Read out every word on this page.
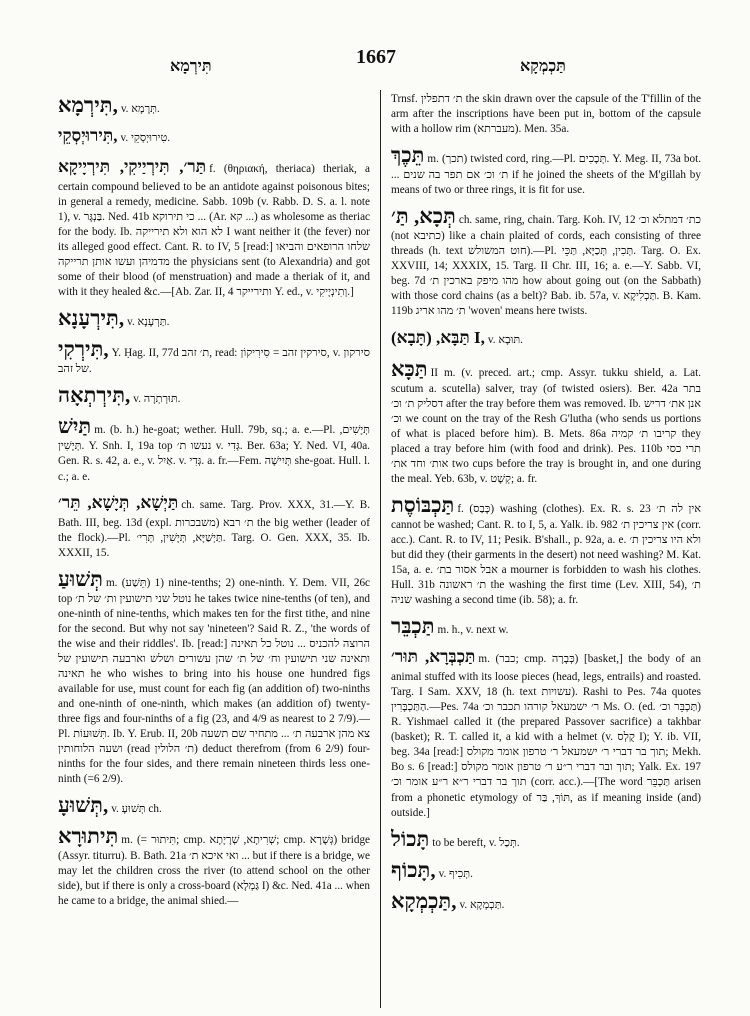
תִּירְמָא	1667	תַּכְמְקָא
תִּירְמָא, v. תְּרָמָא.
תִּירוּיְסְקֵי, v. טִירוּיְסְקֵי.
תַּר׳, תִּירְיַיקִי, תִּירְיָיקָא f. (θηριακή, theriaca) theriak, a certain compound believed to be an antidote against poisonous bites; in general a remedy, medicine. Sabb. 109b (v. Rabb. D. S. a. l. note 1), v. בַּנְגָּר. Ned. 41b כי תירוקא ... (Ar. קא ...) as wholesome as theriac for the body. Ib. לא הוא ולא תירייקה I want neither it (the fever) nor its alleged good effect. Cant. R. to IV, 5 [read:] שלחו הרופאים והביאו מדמיהן ועשו אותן תרייקה the physicians sent (to Alexandria) and got some of their blood (of menstruation) and made a theriak of it, and with it they healed &c.—[Ab. Zar. II, 4 ותירייקר Y. ed., v. וְתִינְיָיקִי.]
תִּירְעָנָא, v. תַּרְעָנָא.
תִּירְקִי, Y. Ḥag. II, 77d ת׳ זהב, read: סירקין זהב = סִירִיקוֹן, v. סירקון של זהב.
תִּירְתְאָה, v. תּוּרְתְרָה.
תַּיִשׁ m. (b. h.) he-goat; wether. Hull. 79b, sq.; a. e.—Pl. תְּיָשִׁים, תְּיָשִׁין. Y. Snh. I, 19a top נעשו ת׳ v. גְּדִי. Ber. 63a; Y. Ned. VI, 40a. Gen. R. s. 42, a. e., v. אַיִל. v. גְּדִי. a. fr.—Fem. תְּיִישָׁה she-goat. Hull. l. c.; a. e.
תַּיְשָׁא, תְּיָשָׁא, תֵּר׳ ch. same. Targ. Prov. XXX, 31.—Y. B. Bath. III, beg. 13d (expl. משבכרות) ת׳ רבא the big wether (leader of the flock).—Pl. תַּיְשַׁיָּא, תְּיָשִׁין, תְּרִי׳. Targ. O. Gen. XXX, 35. Ib. XXXII, 15.
תְּשׁוּעַ m. (תֵּשַׁע) 1) nine-tenths; 2) one-ninth. Y. Dem. VII, 26c top נוטל שני תישועין ות׳ של ת׳ he takes twice nine-tenths (of ten), and one-ninth of nine-tenths, which makes ten for the first tithe, and nine for the second. But why not say 'nineteen'? Said R. Z., 'the words of the wise and their riddles'. Ib. [read:] הרוצה להכניס ... נוטל כל תאינה ותאינה שני תישועין וח׳ של ת׳ שהן עשורים ושלש וארבעה תישועין של תאינה he who wishes to bring into his house one hundred figs available for use, must count for each fig (an addition of) two-ninths and one-ninth of one-ninth, which makes (an addition of) twenty-three figs and four-ninths of a fig (23, and 4/9 as nearest to 2 7/9).—Pl. תִּשׁוּעוֹת. Ib. Y. Erub. II, 20b צא מהן ארבעה ת׳ ... מתחיר שם תשעה ושעה הלוחותין (read ת׳ הלולין) deduct therefrom (from 6 2/9) four-ninths for the four sides, and there remain nineteen thirds less one-ninth (=6 2/9).
תְּשׁוּעָ, v. תְּשׁוּעָ ch.
תִּיתוּרָא m. (= תִּיתוּר; cmp. שְׁרִיתָא, שְׁרָיָתָא; cmp. גְּשָׁרָא) bridge (Assyr. titurru). B. Bath. 21a ואי איכא ת׳ ... but if there is a bridge, we may let the children cross the river (to attend school on the other side), but if there is only a cross-board (גַּמְלָא I) &c. Ned. 41a ... when he came to a bridge, the animal shied.—
Trnsf. ת׳ דתפלין the skin drawn over the capsule of the T'fillin of the arm after the inscriptions have been put in, bottom of the capsule with a hollow rim (מעברתא). Men. 35a.
תֵּכֶךְ m. (תכך) twisted cord, ring.—Pl. תְּכָכִים. Y. Meg. II, 73a bot. ... ת׳ וכ׳ אם תפר בה שנים if he joined the sheets of the M'gillah by means of two or three rings, it is fit for use.
תְּכָא, תַּ׳ ch. same, ring, chain. Targ. Koh. IV, 12 כת׳ דמתלא וכ׳ (not כתיבא) like a chain plaited of cords, each consisting of three threads (h. text חוט המשולש).—Pl. תְּכִין, תְּכַיָּא, תַּכֵּי. Targ. O. Ex. XXVIII, 14; XXXIX, 15. Targ. II Chr. III, 16; a. e.—Y. Sabb. VI, beg. 7d מהו מיפק בארכין ת׳ how about going out (on the Sabbath) with those cord chains (as a belt)? Bab. ib. 57a, v. תַּכְלִיקָא. B. Kam. 119b ת׳ מהו אריג 'woven' means here twists.
תַּבָּא, (תָּבָא) I, v. תּוּבָא.
תַּכָּא II m. (v. preced. art.; cmp. Assyr. tukku shield, a. Lat. scutum a. scutella) salver, tray (of twisted osiers). Ber. 42a בתר דסליק ת׳ וכ׳ after the tray before them was removed. Ib. אנן את׳ דריש וכ׳ we count on the tray of the Resh G'lutha (who sends us portions of what is placed before him). B. Mets. 86a קריבו ת׳ קמיה they placed a tray before him (with food and drink). Pes. 110b תרי כסי אות׳ וחד את׳ two cups before the tray is brought in, and one during the meal. Yeb. 63b, v. קְשָׁט; a. fr.
תַּכְבּוֹסֶת f. (כָּבַס) washing (clothes). Ex. R. s. 23 אין לה ת׳ cannot be washed; Cant. R. to I, 5, a. Yalk. ib. 982 אין צריכין ת׳ (corr. acc.). Cant. R. to IV, 11; Pesik. B'shall., p. 92a, a. e. ולא היו צריכין ת׳ but did they (their garments in the desert) not need washing? M. Kat. 15a, a. e. אבל אסור בת׳ a mourner is forbidden to wash his clothes. Hull. 31b ת׳ ראשונה the washing the first time (Lev. XIII, 54), ת׳ שניה washing a second time (ib. 58); a. fr.
תַּכְבֵּר m. h., v. next w.
תַּכְבְּרָא, תּוּר׳ m. (כבר; cmp. כְּבָרָה) [basket,] the body of an animal stuffed with its loose pieces (head, legs, entrails) and roasted. Targ. I Sam. XXV, 18 (h. text עשויות). Rashi to Pes. 74a quotes הַתַּכְבָּרִין.—Pes. 74a ר׳ ישמעאל קורהו תכבר וכ׳ Ms. O. (ed. תַּכְבֵּר וכ׳) R. Yishmael called it (the prepared Passover sacrifice) a takhbar (basket); R. T. called it, a kid with a helmet (v. קֻלְס I); Y. ib. VII, beg. 34a [read:] תוך בר דברי ר׳ ישמעאל ר׳ טרפון אומר מקולס; Mekh. Bo s. 6 [read:] תוך ובר דברי ר״ע ר׳ טרפון אומר מקולס; Yalk. Ex. 197 תוך בר דברי ר״א ר״ע אומר וכ׳ (corr. acc.).—[The word תַּכְבֵּר arisen from a phonetic etymology of תּוֹךְ, בַּר, as if meaning inside (and) outside.]
תָּכוֹל to be bereft, v. תְּכַל.
תָּכוֹף, v. תְּכִיף.
תַּכְמְקָא, v. תַּכְמְקָא.
